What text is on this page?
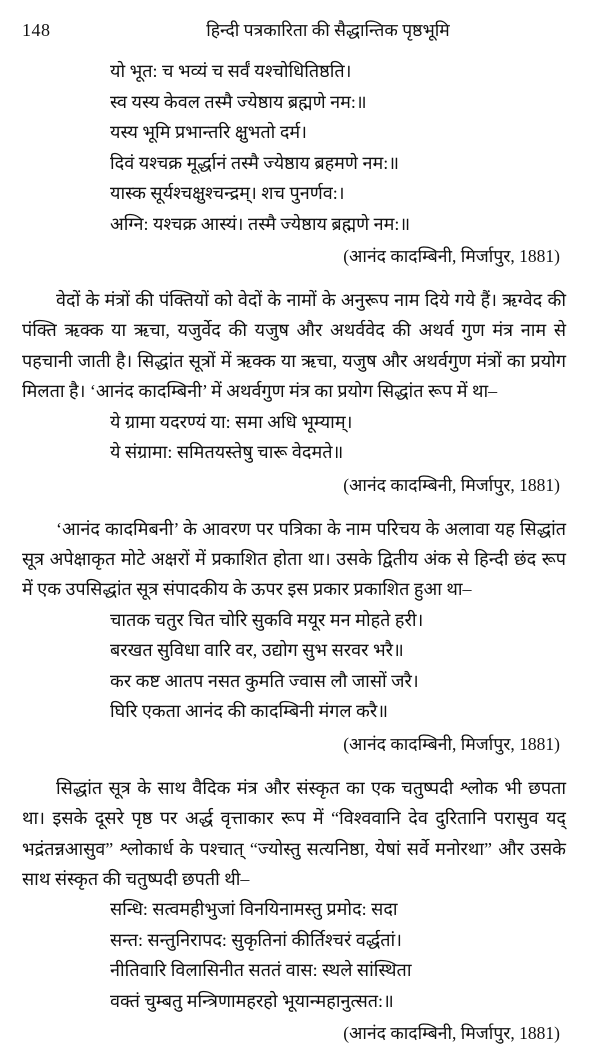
148	हिन्दी पत्रकारिता की सैद्धान्तिक पृष्ठभूमि
यो भूत: च भव्यं च सर्वं यश्चोधितिष्ठति।
स्व यस्य केवल तस्मै ज्येष्ठाय ब्रह्मणे नम:॥
यस्य भूमि प्रभान्तरि क्षुभतो दर्म।
दिवं यश्चक्र मूर्द्धानं तस्मै ज्येष्ठाय ब्रहमणे नम:॥
यास्क सूर्यश्चक्षुश्चन्द्रम्। शच पुनर्णव:।
अग्नि: यश्चक्र आस्यं। तस्मै ज्येष्ठाय ब्रह्मणे नम:॥
(आनंद कादम्बिनी, मिर्जापुर, 1881)

वेदों के मंत्रों की पंक्तियों को वेदों के नामों के अनुरूप नाम दिये गये हैं। ऋग्वेद की पंक्ति ऋक्क या ऋचा, यजुर्वेद की यजुष और अथर्ववेद की अथर्व गुण मंत्र नाम से पहचानी जाती है। सिद्धांत सूत्रों में ऋक्क या ऋचा, यजुष और अथर्वगुण मंत्रों का प्रयोग मिलता है। ‘आनंद कादम्बिनी’ में अथर्वगुण मंत्र का प्रयोग सिद्धांत रूप में था–

ये ग्रामा यदरण्यं या: समा अधि भूम्याम्।
ये संग्रामा: समितयस्तेषु चारू वेदमते॥
(आनंद कादम्बिनी, मिर्जापुर, 1881)

‘आनंद कादमिबनी’ के आवरण पर पत्रिका के नाम परिचय के अलावा यह सिद्धांत सूत्र अपेक्षाकृत मोटे अक्षरों में प्रकाशित होता था। उसके द्वितीय अंक से हिन्दी छंद रूप में एक उपसिद्धांत सूत्र संपादकीय के ऊपर इस प्रकार प्रकाशित हुआ था–

चातक चतुर चित चोरि सुकवि मयूर मन मोहते हरी।
बरखत सुविधा वारि वर, उद्योग सुभ सरवर भरै॥
कर कष्ट आतप नसत कुमति ज्वास लौ जासों जरै।
घिरि एकता आनंद की कादम्बिनी मंगल करै॥
(आनंद कादम्बिनी, मिर्जापुर, 1881)

सिद्धांत सूत्र के साथ वैदिक मंत्र और संस्कृत का एक चतुष्पदी श्लोक भी छपता था। इसके दूसरे पृष्ठ पर अर्द्ध वृत्ताकार रूप में “विश्ववानि देव दुरितानि परासुव यद् भद्रंतन्नआसुव” श्लोकार्ध के पश्चात् “ज्योस्तु सत्यनिष्ठा, येषां सर्वे मनोरथा” और उसके साथ संस्कृत की चतुष्पदी छपती थी–

सन्धि: सत्वमहीभुजां विनयिनामस्तु प्रमोद: सदा
सन्त: सन्तुनिरापद: सुकृतिनां कीर्तिश्चरं वर्द्धतां।
नीतिवारि विलासिनीत सततं वास: स्थले सांस्थिता
वक्तं चुम्बतु मन्त्रिणामहरहो भूयान्महानुत्सत:॥
(आनंद कादम्बिनी, मिर्जापुर, 1881)
